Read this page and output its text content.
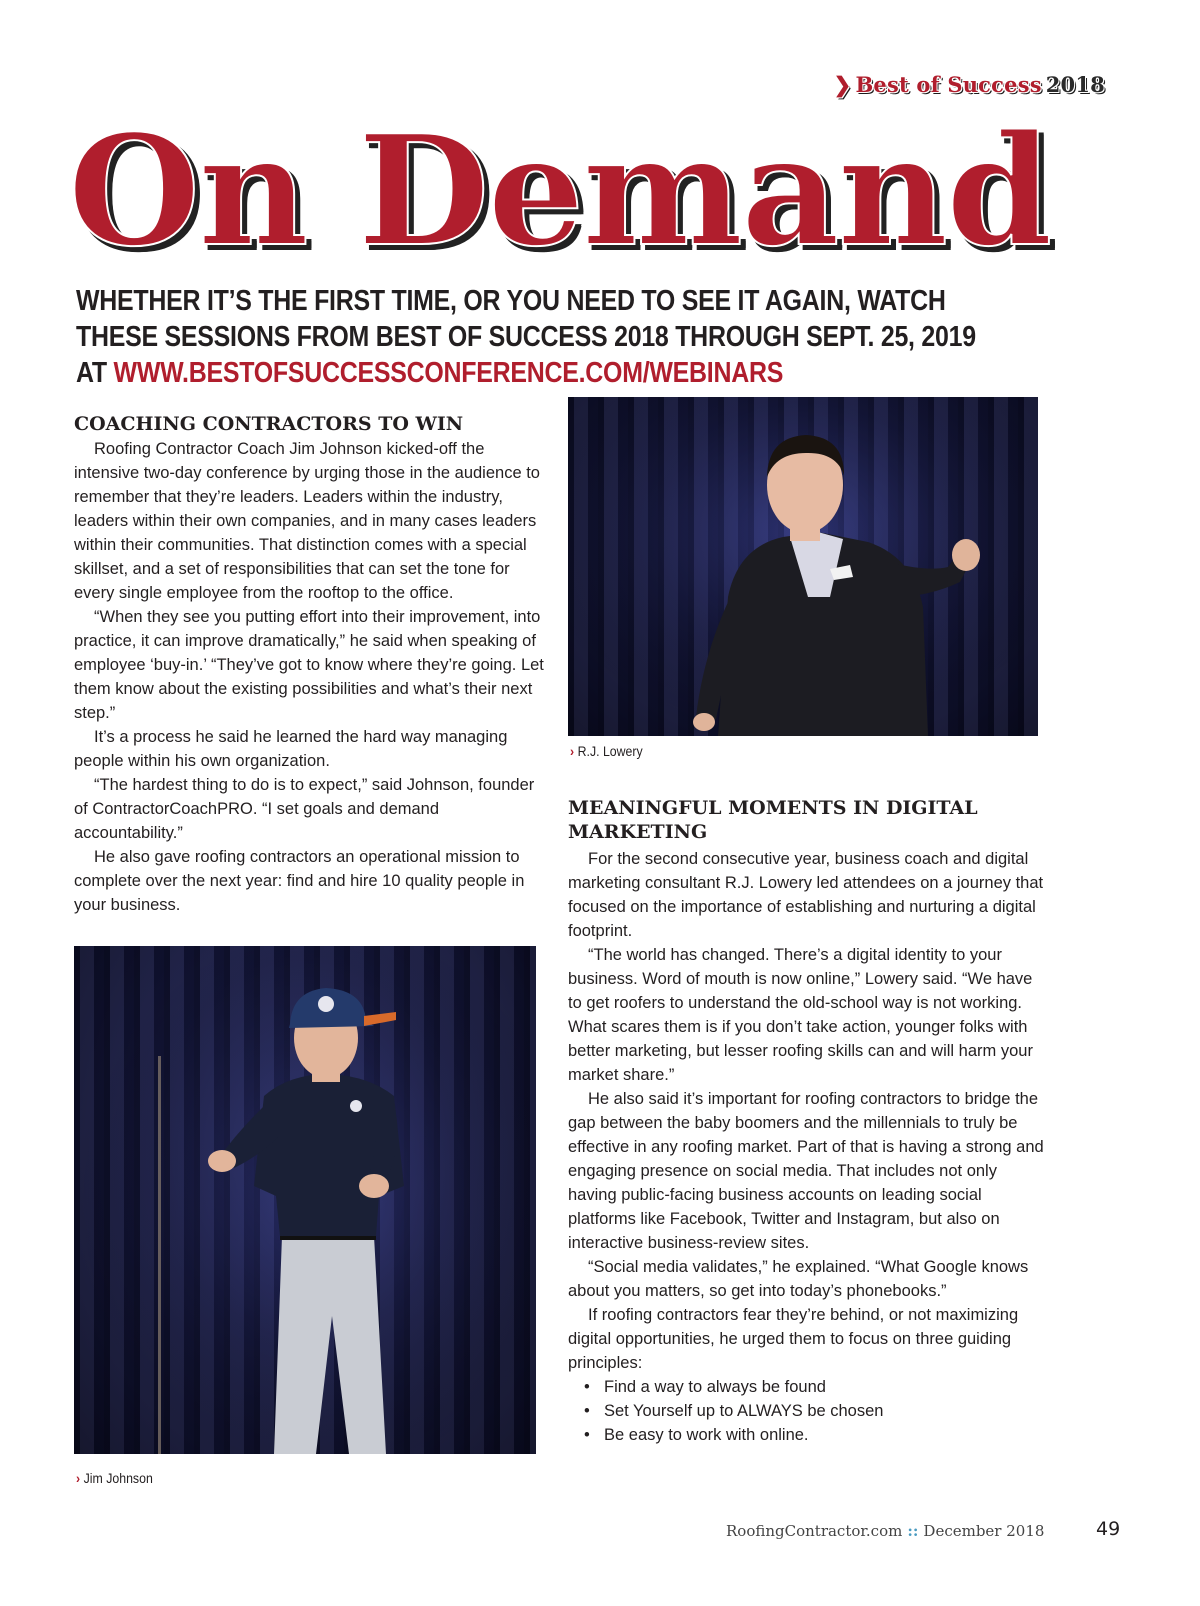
❯ Best of Success 2018
On Demand
WHETHER IT’S THE FIRST TIME, OR YOU NEED TO SEE IT AGAIN, WATCH
THESE SESSIONS FROM BEST OF SUCCESS 2018 THROUGH SEPT. 25, 2019
AT WWW.BESTOFSUCCESSCONFERENCE.COM/WEBINARS
COACHING CONTRACTORS TO WIN

Roofing Contractor Coach Jim Johnson kicked-off the intensive two-day conference by urging those in the audience to remember that they’re leaders. Leaders within the industry, leaders within their own companies, and in many cases leaders within their communities. That distinction comes with a special skillset, and a set of responsibilities that can set the tone for every single employee from the rooftop to the office.

“When they see you putting effort into their improvement, into practice, it can improve dramatically,” he said when speaking of employee ‘buy-in.’ “They’ve got to know where they’re going. Let them know about the existing possibilities and what’s their next step.”

It’s a process he said he learned the hard way managing people within his own organization.

“The hardest thing to do is to expect,” said Johnson, founder of ContractorCoachPRO. “I set goals and demand accountability.”

He also gave roofing contractors an operational mission to complete over the next year: find and hire 10 quality people in your business.

› R.J. Lowery
› Jim Johnson
MEANINGFUL MOMENTS IN DIGITAL MARKETING

For the second consecutive year, business coach and digital marketing consultant R.J. Lowery led attendees on a journey that focused on the importance of establishing and nurturing a digital footprint.

“The world has changed. There’s a digital identity to your business. Word of mouth is now online,” Lowery said. “We have to get roofers to understand the old-school way is not working. What scares them is if you don’t take action, younger folks with better marketing, but lesser roofing skills can and will harm your market share.”

He also said it’s important for roofing contractors to bridge the gap between the baby boomers and the millennials to truly be effective in any roofing market. Part of that is having a strong and engaging presence on social media. That includes not only having public-facing business accounts on leading social platforms like Facebook, Twitter and Instagram, but also on interactive business-review sites.

“Social media validates,” he explained. “What Google knows about you matters, so get into today’s phonebooks.”

If roofing contractors fear they’re behind, or not maximizing digital opportunities, he urged them to focus on three guiding principles:

• Find a way to always be found
• Set Yourself up to ALWAYS be chosen
• Be easy to work with online.
RoofingContractor.com :: December 2018	49
